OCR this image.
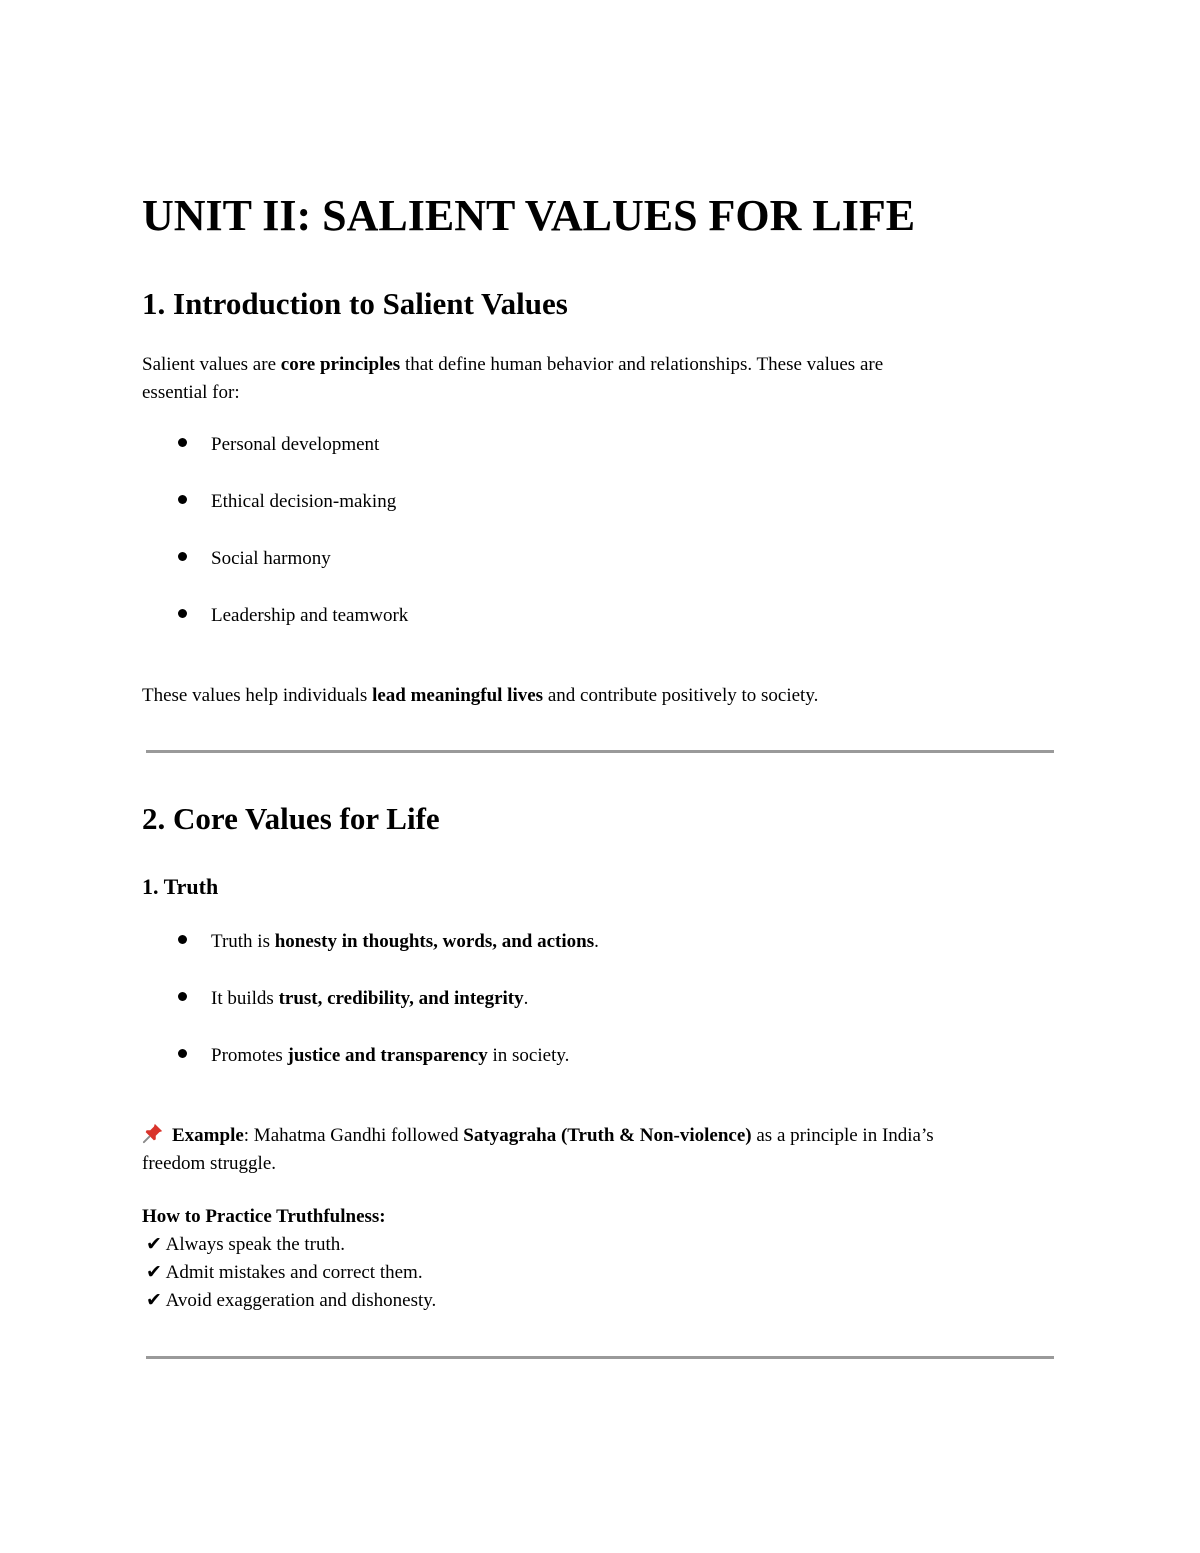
UNIT II: SALIENT VALUES FOR LIFE
1. Introduction to Salient Values
Salient values are core principles that define human behavior and relationships. These values are
essential for:
Personal development
Ethical decision-making
Social harmony
Leadership and teamwork
These values help individuals lead meaningful lives and contribute positively to society.
2. Core Values for Life
1. Truth
Truth is honesty in thoughts, words, and actions.
It builds trust, credibility, and integrity.
Promotes justice and transparency in society.
Example: Mahatma Gandhi followed Satyagraha (Truth & Non-violence) as a principle in India’s
freedom struggle.
How to Practice Truthfulness:
✔ Always speak the truth.
✔ Admit mistakes and correct them.
✔ Avoid exaggeration and dishonesty.
